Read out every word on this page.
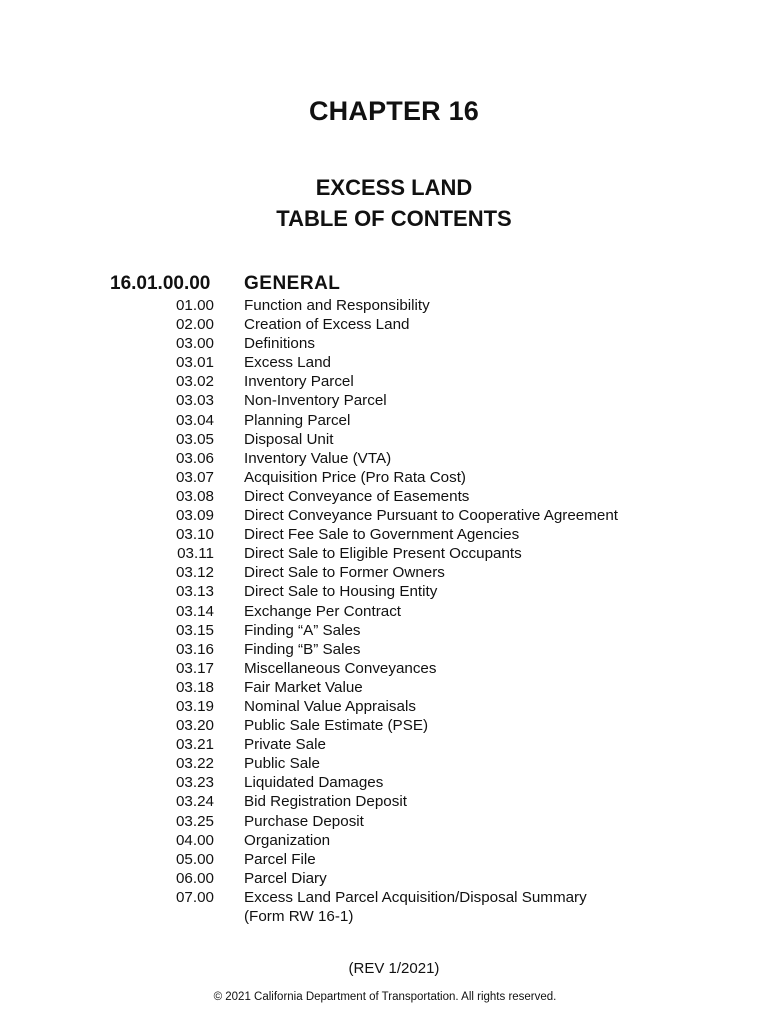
CHAPTER 16
EXCESS LAND
TABLE OF CONTENTS
16.01.00.00 GENERAL
01.00 Function and Responsibility
02.00 Creation of Excess Land
03.00 Definitions
03.01 Excess Land
03.02 Inventory Parcel
03.03 Non-Inventory Parcel
03.04 Planning Parcel
03.05 Disposal Unit
03.06 Inventory Value (VTA)
03.07 Acquisition Price (Pro Rata Cost)
03.08 Direct Conveyance of Easements
03.09 Direct Conveyance Pursuant to Cooperative Agreement
03.10 Direct Fee Sale to Government Agencies
03.11 Direct Sale to Eligible Present Occupants
03.12 Direct Sale to Former Owners
03.13 Direct Sale to Housing Entity
03.14 Exchange Per Contract
03.15 Finding “A” Sales
03.16 Finding “B” Sales
03.17 Miscellaneous Conveyances
03.18 Fair Market Value
03.19 Nominal Value Appraisals
03.20 Public Sale Estimate (PSE)
03.21 Private Sale
03.22 Public Sale
03.23 Liquidated Damages
03.24 Bid Registration Deposit
03.25 Purchase Deposit
04.00 Organization
05.00 Parcel File
06.00 Parcel Diary
07.00 Excess Land Parcel Acquisition/Disposal Summary
(Form RW 16-1)
(REV 1/2021)
© 2021 California Department of Transportation. All rights reserved.
